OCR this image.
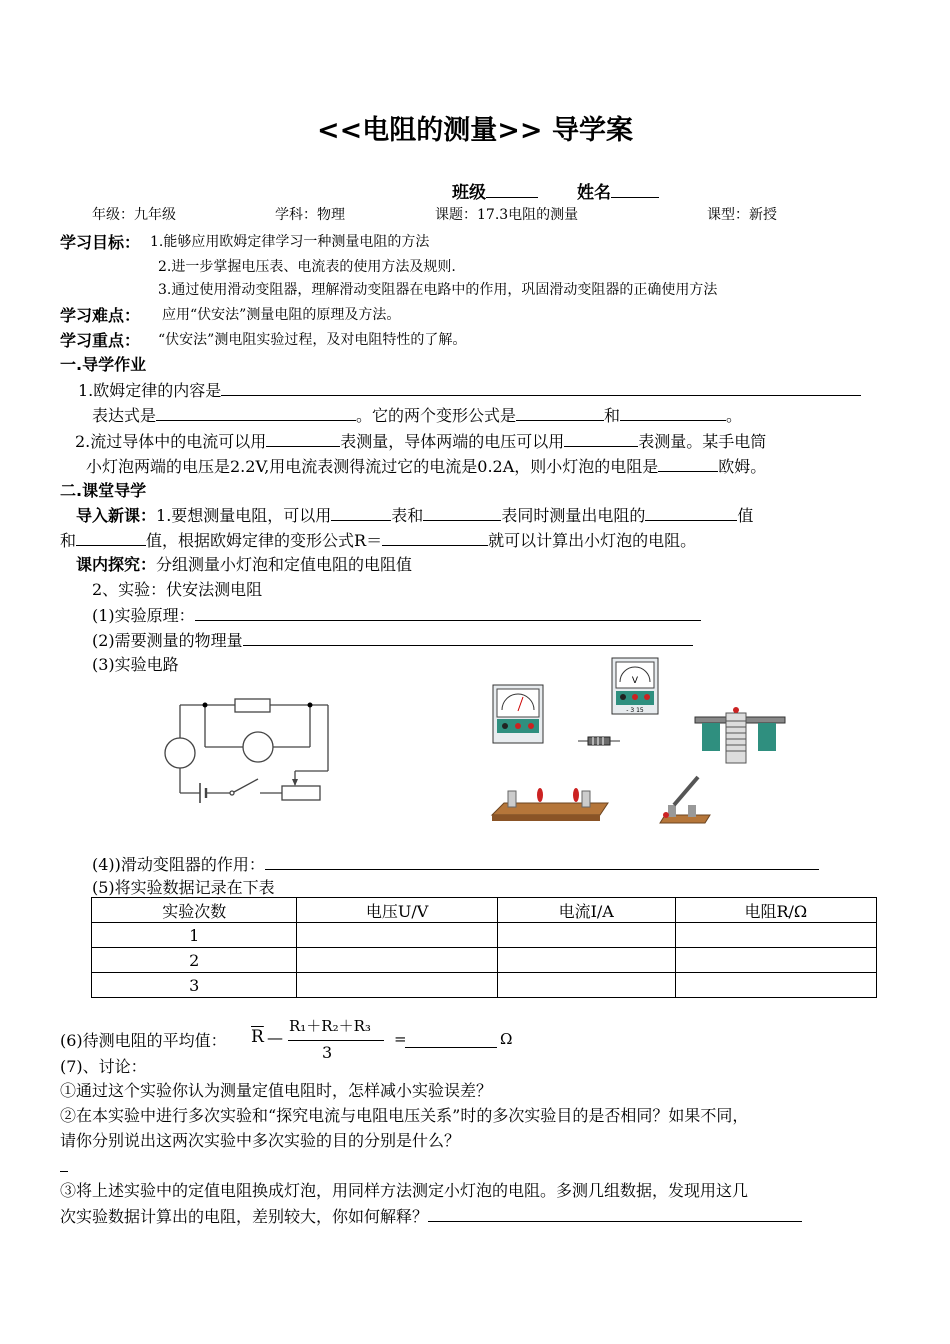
<<电阻的测量>> 导学案
班级	姓名
年级：九年级	学科：物理	课题：17.3电阻的测量	课型：新授
学习目标： 1.能够应用欧姆定律学习一种测量电阻的方法
2.进一步掌握电压表、电流表的使用方法及规则.
3.通过使用滑动变阻器，理解滑动变阻器在电路中的作用，巩固滑动变阻器的正确使用方法
学习难点： 应用“伏安法”测量电阻的原理及方法。
学习重点： “伏安法”测电阻实验过程，及对电阻特性的了解。
一.导学作业
1.欧姆定律的内容是
表达式是	。它的两个变形公式是	和	。
2.流过导体中的电流可以用	表测量，导体两端的电压可以用	表测量。某手电筒
小灯泡两端的电压是2.2V,用电流表测得流过它的电流是0.2A，则小灯泡的电阻是	欧姆。
二.课堂导学
导入新课：1.要想测量电阻，可以用	表和	表同时测量出电阻的	值
和	值，根据欧姆定律的变形公式R＝	就可以计算出小灯泡的电阻。
课内探究：分组测量小灯泡和定值电阻的电阻值
2、实验：伏安法测电阻
(1)实验原理：
(2)需要测量的物理量
(3)实验电路
V
- 3 15
(4))滑动变阻器的作用：
(5)将实验数据记录在下表
实验次数	电压U/V	电流I/A	电阻R/Ω
1			
2			
3			
(6)待测电阻的平均值： $\overline{R}$ —
R₁＋R₂＋R₃
3
=	Ω
(7)、讨论：
①通过这个实验你认为测量定值电阻时，怎样减小实验误差？
②在本实验中进行多次实验和“探究电流与电阻电压关系”时的多次实验目的是否相同？如果不同，
请你分别说出这两次实验中多次实验的目的分别是什么？
③将上述实验中的定值电阻换成灯泡，用同样方法测定小灯泡的电阻。多测几组数据，发现用这几
次实验数据计算出的电阻，差别较大，你如何解释？
